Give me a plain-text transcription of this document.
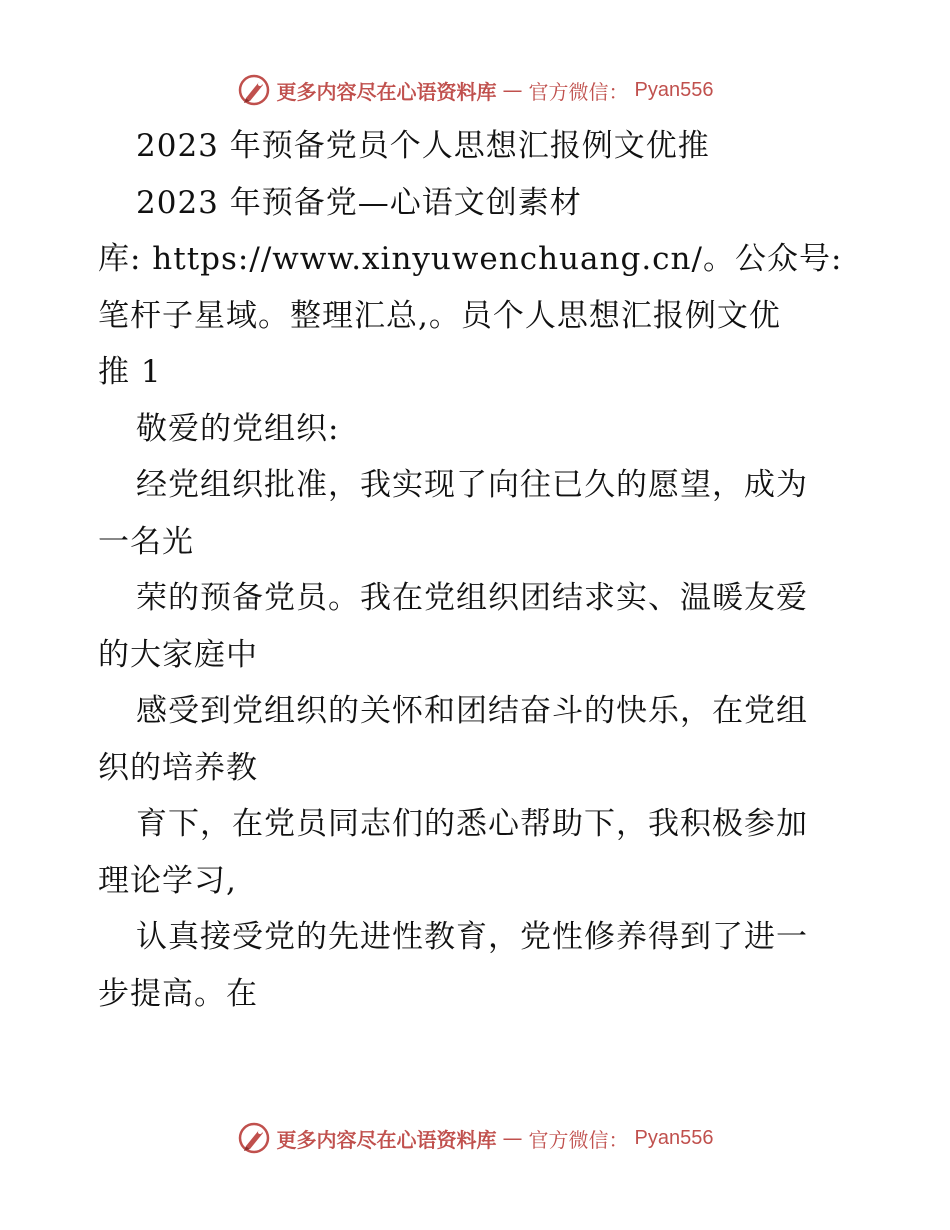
更多内容尽在心语资料库 — 官方微信： Pyan556
2023 年预备党员个人思想汇报例文优推
2023 年预备党—心语文创素材
库: https://www.xinyuwenchuang.cn/。公众号:
笔杆子星域。整理汇总,。员个人思想汇报例文优
推 1
敬爱的党组织:
经党组织批准，我实现了向往已久的愿望，成为
一名光
荣的预备党员。我在党组织团结求实、温暖友爱
的大家庭中
感受到党组织的关怀和团结奋斗的快乐，在党组
织的培养教
育下，在党员同志们的悉心帮助下，我积极参加
理论学习,
认真接受党的先进性教育，党性修养得到了进一
步提高。在
更多内容尽在心语资料库 — 官方微信： Pyan556
